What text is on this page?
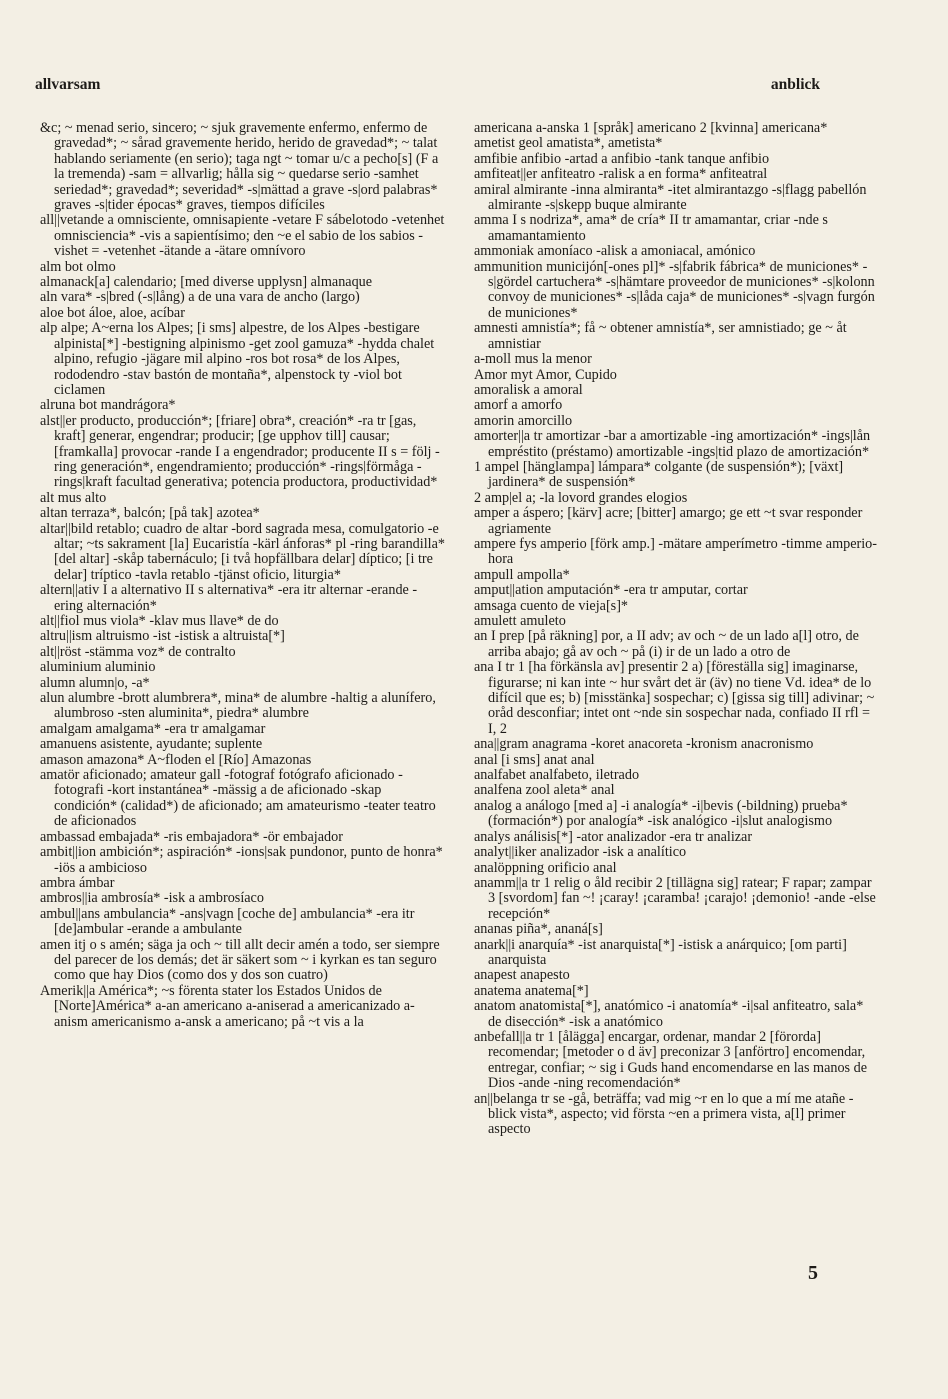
allvarsam	anblick

&c; ~ menad serio, sincero; ~ sjuk gravemente enfermo, enfermo de gravedad*; ~ sårad gravemente herido, herido de gravedad*; ~ talat hablando seriamente (en serio); taga ngt ~ tomar u/c a pecho[s] (F a la tremenda) -sam = allvarlig; hålla sig ~ quedarse serio -samhet seriedad*; gravedad*; severidad* -s|mättad a grave -s|ord palabras* graves -s|tider épocas* graves, tiempos difíciles

all||vetande a omnisciente, omnisapiente -vetare F sábelotodo -vetenhet omnisciencia* -vis a sapientísimo; den ~e el sabio de los sabios -vishet = -vetenhet -ätande a -ätare omnívoro

alm bot olmo

almanack[a] calendario; [med diverse upplysn] almanaque

aln vara* -s|bred (-s|lång) a de una vara de ancho (largo)

aloe bot áloe, aloe, acíbar

alp alpe; A~erna los Alpes; [i sms] alpestre, de los Alpes -bestigare alpinista[*] -bestigning alpinismo -get zool gamuza* -hydda chalet alpino, refugio -jägare mil alpino -ros bot rosa* de los Alpes, rododendro -stav bastón de montaña*, alpenstock ty -viol bot ciclamen

alruna bot mandrágora*

alst||er producto, producción*; [friare] obra*, creación* -ra tr [gas, kraft] generar, engendrar; producir; [ge upphov till] causar; [framkalla] provocar -rande I a engendrador; producente II s = följ -ring generación*, engendramiento; producción* -rings|förmåga -rings|kraft facultad generativa; potencia productora, productividad*

alt mus alto

altan terraza*, balcón; [på tak] azotea*

altar||bild retablo; cuadro de altar -bord sagrada mesa, comulgatorio -e altar; ~ts sakrament [la] Eucaristía -kärl ánforas* pl -ring barandilla* [del altar] -skåp tabernáculo; [i två hopfällbara delar] díptico; [i tre delar] tríptico -tavla retablo -tjänst oficio, liturgia*

altern||ativ I a alternativo II s alternativa* -era itr alternar -erande -ering alternación*

alt||fiol mus viola* -klav mus llave* de do

altru||ism altruismo -ist -istisk a altruista[*]

alt||röst -stämma voz* de contralto

aluminium aluminio

alumn alumn|o, -a*

alun alumbre -brott alumbrera*, mina* de alumbre -haltig a alunífero, alumbroso -sten aluminita*, piedra* alumbre

amalgam amalgama* -era tr amalgamar

amanuens asistente, ayudante; suplente

amason amazona* A~floden el [Río] Amazonas

amatör aficionado; amateur gall -fotograf fotógrafo aficionado -fotografi -kort instantánea* -mässig a de aficionado -skap condición* (calidad*) de aficionado; am amateurismo -teater teatro de aficionados

ambassad embajada* -ris embajadora* -ör embajador

ambit||ion ambición*; aspiración* -ions|sak pundonor, punto de honra* -iös a ambicioso

ambra ámbar

ambros||ia ambrosía* -isk a ambrosíaco

ambul||ans ambulancia* -ans|vagn [coche de] ambulancia* -era itr [de]ambular -erande a ambulante

amen itj o s amén; säga ja och ~ till allt decir amén a todo, ser siempre del parecer de los demás; det är säkert som ~ i kyrkan es tan seguro como que hay Dios (como dos y dos son cuatro)

Amerik||a América*; ~s förenta stater los Estados Unidos de [Norte]América* a-an americano a-aniserad a americanizado a-anism americanismo a-ansk a americano; på ~t vis a la

americana a-anska 1 [språk] americano 2 [kvinna] americana*

ametist geol amatista*, ametista*

amfibie anfibio -artad a anfibio -tank tanque anfibio

amfiteat||er anfiteatro -ralisk a en forma* anfiteatral

amiral almirante -inna almiranta* -itet almirantazgo -s|flagg pabellón almirante -s|skepp buque almirante

amma I s nodriza*, ama* de cría* II tr amamantar, criar -nde s amamantamiento

ammoniak amoníaco -alisk a amoniacal, amónico

ammunition municijón[-ones pl]* -s|fabrik fábrica* de municiones* -s|gördel cartuchera* -s|hämtare proveedor de municiones* -s|kolonn convoy de municiones* -s|låda caja* de municiones* -s|vagn furgón de municiones*

amnesti amnistía*; få ~ obtener amnistía*, ser amnistiado; ge ~ åt amnistiar

a-moll mus la menor

Amor myt Amor, Cupido

amoralisk a amoral

amorf a amorfo

amorin amorcillo

amorter||a tr amortizar -bar a amortizable -ing amortización* -ings|lån empréstito (préstamo) amortizable -ings|tid plazo de amortización*

1 ampel [hänglampa] lámpara* colgante (de suspensión*); [växt] jardinera* de suspensión*

2 amp|el a; -la lovord grandes elogios

amper a áspero; [kärv] acre; [bitter] amargo; ge ett ~t svar responder agriamente

ampere fys amperio [förk amp.] -mätare amperímetro -timme amperio-hora

ampull ampolla*

amput||ation amputación* -era tr amputar, cortar

amsaga cuento de vieja[s]*

amulett amuleto

an I prep [på räkning] por, a II adv; av och ~ de un lado a[l] otro, de arriba abajo; gå av och ~ på (i) ir de un lado a otro de

ana I tr 1 [ha förkänsla av] presentir 2 a) [föreställa sig] imaginarse, figurarse; ni kan inte ~ hur svårt det är (äv) no tiene Vd. idea* de lo difícil que es; b) [misstänka] sospechar; c) [gissa sig till] adivinar; ~ oråd desconfiar; intet ont ~nde sin sospechar nada, confiado II rfl = I, 2

ana||gram anagrama -koret anacoreta -kronism anacronismo

anal [i sms] anat anal

analfabet analfabeto, iletrado

analfena zool aleta* anal

analog a análogo [med a] -i analogía* -i|bevis (-bildning) prueba* (formación*) por analogía* -isk analógico -i|slut analogismo

analys análisis[*] -ator analizador -era tr analizar

analyt||iker analizador -isk a analítico

analöppning orificio anal

anamm||a tr 1 relig o åld recibir 2 [tillägna sig] ratear; F rapar; zampar 3 [svordom] fan ~! ¡caray! ¡caramba! ¡carajo! ¡demonio! -ande -else recepción*

ananas piña*, ananá[s]

anark||i anarquía* -ist anarquista[*] -istisk a anárquico; [om parti] anarquista

anapest anapesto

anatema anatema[*]

anatom anatomista[*], anatómico -i anatomía* -i|sal anfiteatro, sala* de disección* -isk a anatómico

anbefall||a tr 1 [ålägga] encargar, ordenar, mandar 2 [förorda] recomendar; [metoder o d äv] preconizar 3 [anförtro] encomendar, entregar, confiar; ~ sig i Guds hand encomendarse en las manos de Dios -ande -ning recomendación*

an||belanga tr se -gå, beträffa; vad mig ~r en lo que a mí me atañe -blick vista*, aspecto; vid första ~en a primera vista, a[l] primer aspecto

5
